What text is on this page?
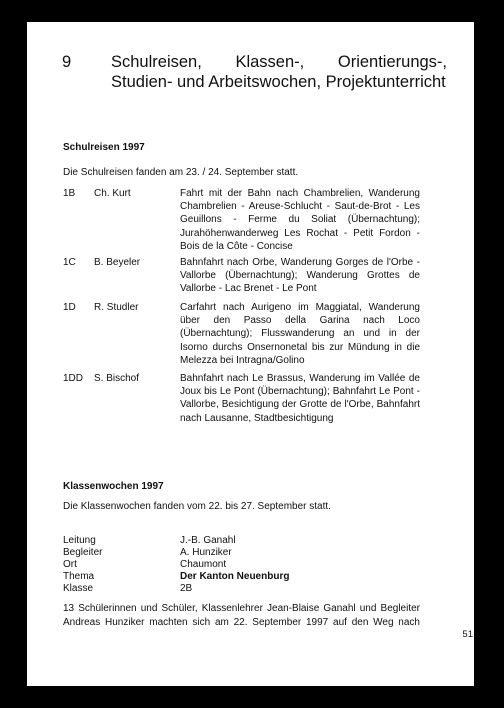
9 Schulreisen, Klassen-, Orientierungs-, Studien- und Arbeitswochen, Projektunterricht
Schulreisen 1997
Die Schulreisen fanden am 23. / 24. September statt.
1B Ch. Kurt	Fahrt mit der Bahn nach Chambrelien, Wanderung Chambrelien - Areuse-Schlucht - Saut-de-Brot - Les Geuillons - Ferme du Soliat (Übernachtung); Jurahöhenwanderweg Les Rochat - Petit Fordon - Bois de la Côte - Concise
1C B. Beyeler	Bahnfahrt nach Orbe, Wanderung Gorges de l'Orbe - Vallorbe (Übernachtung); Wanderung Grottes de Vallorbe - Lac Brenet - Le Pont
1D R. Studler	Carfahrt nach Aurigeno im Maggiatal, Wanderung über den Passo della Garina nach Loco (Übernachtung); Flusswanderung an und in der Isorno durchs Onsernonetal bis zur Mündung in die Melezza bei Intragna/Golino
1DD S. Bischof	Bahnfahrt nach Le Brassus, Wanderung im Vallée de Joux bis Le Pont (Übernachtung); Bahnfahrt Le Pont - Vallorbe, Besichtigung der Grotte de l'Orbe, Bahnfahrt nach Lausanne, Stadtbesichtigung
Klassenwochen 1997
Die Klassenwochen fanden vom 22. bis 27. September statt.
Leitung	J.-B. Ganahl
Begleiter	A. Hunziker
Ort	Chaumont
Thema	Der Kanton Neuenburg
Klasse	2B
13 Schülerinnen und Schüler, Klassenlehrer Jean-Blaise Ganahl und Begleiter
Andreas Hunziker machten sich am 22. September 1997 auf den Weg nach
51
